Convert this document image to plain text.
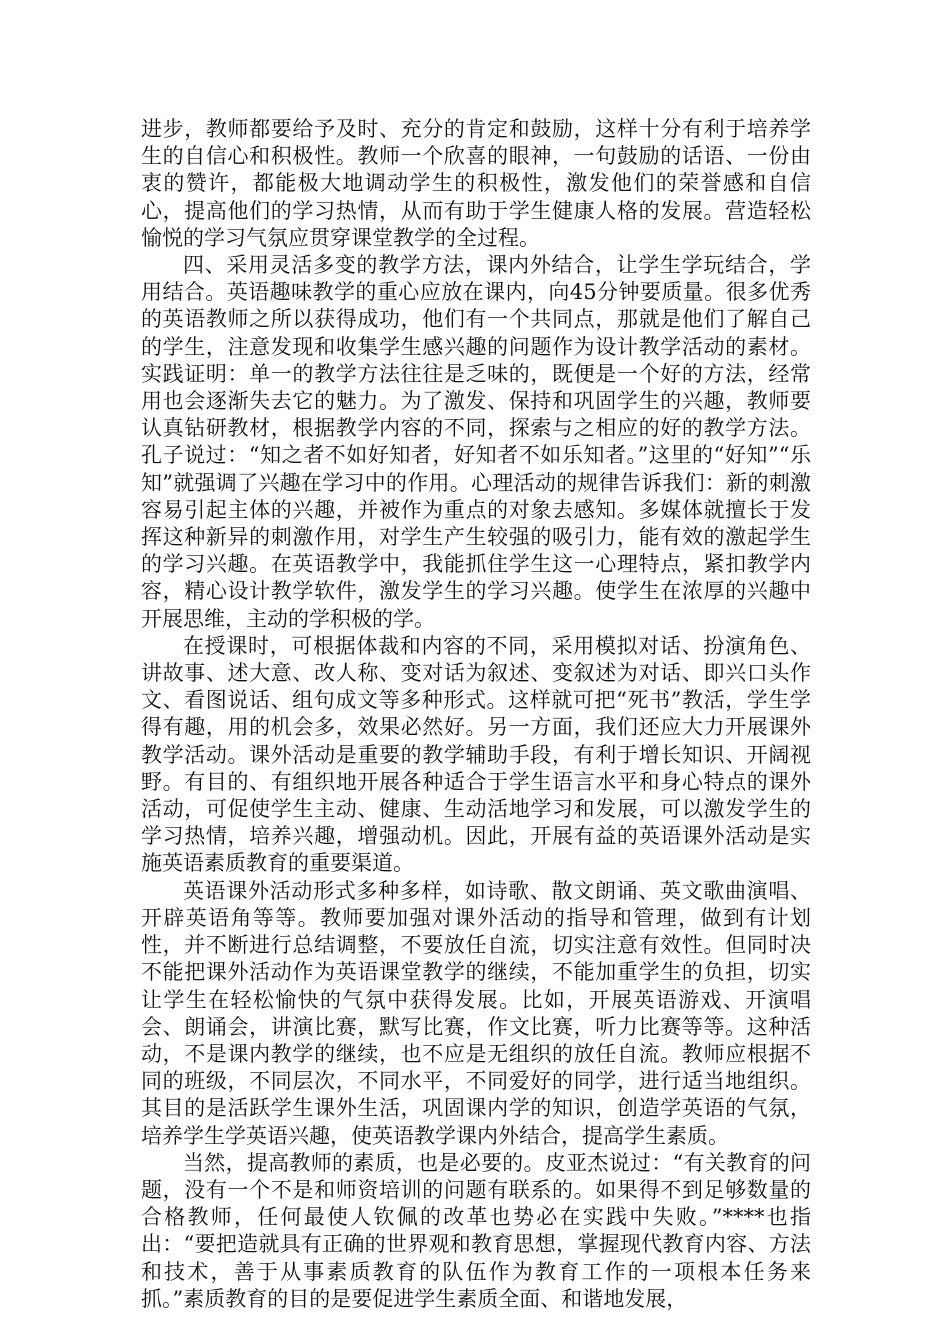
进步，教师都要给予及时、充分的肯定和鼓励，这样十分有利于培养学生的自信心和积极性。教师一个欣喜的眼神，一句鼓励的话语、一份由衷的赞许，都能极大地调动学生的积极性，激发他们的荣誉感和自信心，提高他们的学习热情，从而有助于学生健康人格的发展。营造轻松愉悦的学习气氛应贯穿课堂教学的全过程。

四、采用灵活多变的教学方法，课内外结合，让学生学玩结合，学用结合。英语趣味教学的重心应放在课内，向45分钟要质量。很多优秀的英语教师之所以获得成功，他们有一个共同点，那就是他们了解自己的学生，注意发现和收集学生感兴趣的问题作为设计教学活动的素材。实践证明：单一的教学方法往往是乏味的，既便是一个好的方法，经常用也会逐渐失去它的魅力。为了激发、保持和巩固学生的兴趣，教师要认真钻研教材，根据教学内容的不同，探索与之相应的好的教学方法。孔子说过：“知之者不如好知者，好知者不如乐知者。”这里的“好知”“乐知”就强调了兴趣在学习中的作用。心理活动的规律告诉我们：新的刺激容易引起主体的兴趣，并被作为重点的对象去感知。多媒体就擅长于发挥这种新异的刺激作用，对学生产生较强的吸引力，能有效的激起学生的学习兴趣。在英语教学中，我能抓住学生这一心理特点，紧扣教学内容，精心设计教学软件，激发学生的学习兴趣。使学生在浓厚的兴趣中开展思维，主动的学积极的学。

在授课时，可根据体裁和内容的不同，采用模拟对话、扮演角色、讲故事、述大意、改人称、变对话为叙述、变叙述为对话、即兴口头作文、看图说话、组句成文等多种形式。这样就可把“死书”教活，学生学得有趣，用的机会多，效果必然好。另一方面，我们还应大力开展课外教学活动。课外活动是重要的教学辅助手段，有利于增长知识、开阔视野。有目的、有组织地开展各种适合于学生语言水平和身心特点的课外活动，可促使学生主动、健康、生动活地学习和发展，可以激发学生的学习热情，培养兴趣，增强动机。因此，开展有益的英语课外活动是实施英语素质教育的重要渠道。

英语课外活动形式多种多样，如诗歌、散文朗诵、英文歌曲演唱、开辟英语角等等。教师要加强对课外活动的指导和管理，做到有计划性，并不断进行总结调整，不要放任自流，切实注意有效性。但同时决不能把课外活动作为英语课堂教学的继续，不能加重学生的负担，切实让学生在轻松愉快的气氛中获得发展。比如，开展英语游戏、开演唱会、朗诵会，讲演比赛，默写比赛，作文比赛，听力比赛等等。这种活动，不是课内教学的继续，也不应是无组织的放任自流。教师应根据不同的班级，不同层次，不同水平，不同爱好的同学，进行适当地组织。其目的是活跃学生课外生活，巩固课内学的知识，创造学英语的气氛，培养学生学英语兴趣，使英语教学课内外结合，提高学生素质。

当然，提高教师的素质，也是必要的。皮亚杰说过：“有关教育的问题，没有一个不是和师资培训的问题有联系的。如果得不到足够数量的合格教师，任何最使人钦佩的改革也势必在实践中失败。”****也指出：“要把造就具有正确的世界观和教育思想，掌握现代教育内容、方法和技术，善于从事素质教育的队伍作为教育工作的一项根本任务来抓。”素质教育的目的是要促进学生素质全面、和谐地发展，
